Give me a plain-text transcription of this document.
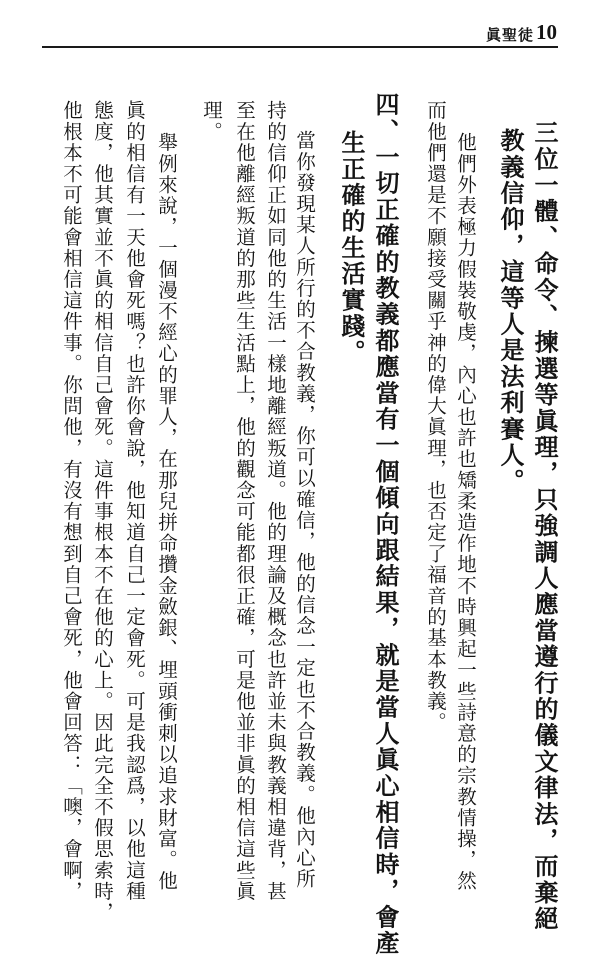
眞聖徒 10
三位一體、命令、揀選等眞理，只強調人應當遵行的儀文律法，而棄絕
教義信仰，這等人是法利賽人。
他們外表極力假裝敬虔，內心也許也矯柔造作地不時興起一些詩意的宗教情操，然
而他們還是不願接受關乎神的偉大眞理，也否定了福音的基本教義。
四、一切正確的教義都應當有一個傾向跟結果，就是當人眞心相信時，會產
生正確的生活實踐。
當你發現某人所行的不合教義，你可以確信，他的信念一定也不合教義。他內心所
持的信仰正如同他的生活一樣地離經叛道。他的理論及概念也許並未與教義相違背，甚
至在他離經叛道的那些生活點上，他的觀念可能都很正確，可是他並非眞的相信這些眞
理。
舉例來說，一個漫不經心的罪人，在那兒拼命攢金斂銀、埋頭衝刺以追求財富。他
眞的相信有一天他會死嗎？也許你會說，他知道自己一定會死。可是我認爲，以他這種
態度，他其實並不眞的相信自己會死。這件事根本不在他的心上。因此完全不假思索時，
他根本不可能會相信這件事。你問他，有沒有想到自己會死，他會回答：「噢，會啊，
